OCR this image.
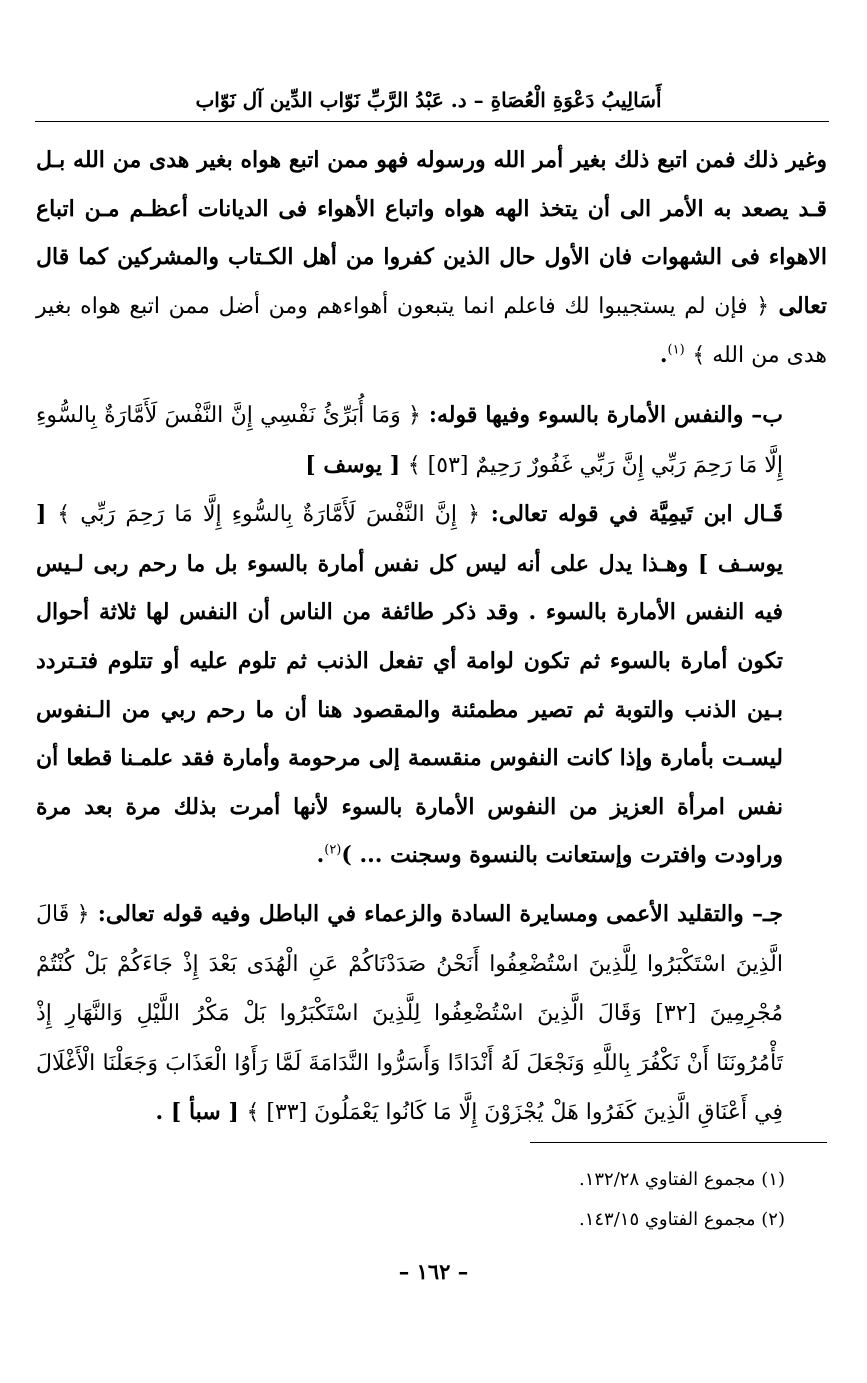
أَسَالِيبُ دَعْوَةِ الْعُصَاةِ – د. عَبْدُ الرَّبِّ نَوّاب الدِّين آل نَوّاب

وغير ذلك فمن اتبع ذلك بغير أمر الله ورسوله فهو ممن اتبع هواه بغير هدى من الله بـل قـد يصعد به الأمر الى أن يتخذ الهه هواه واتباع الأهواء فى الديانات أعظـم مـن اتباع الاهواء فى الشهوات فان الأول حال الذين كفروا من أهل الكـتاب والمشركين كما قال تعالى ﴿ فإن لم يستجيبوا لك فاعلم انما يتبعون أهواءهم ومن أضل ممن اتبع هواه بغير هدى من الله ﴾ $^{(١)}$.

ب– والنفس الأمارة بالسوء وفيها قوله: ﴿ وَمَا أُبَرِّئُ نَفْسِي إِنَّ النَّفْسَ لَأَمَّارَةٌ بِالسُّوءِ إِلَّا مَا رَحِمَ رَبِّي إِنَّ رَبِّي غَفُورٌ رَحِيمٌ [٥٣] ﴾ [ يوسف ]

قَـال ابن تَيمِيَّة في قوله تعالى: ﴿ إِنَّ النَّفْسَ لَأَمَّارَةٌ بِالسُّوءِ إِلَّا مَا رَحِمَ رَبِّي ﴾ [ يوسـف ] وهـذا يدل على أنه ليس كل نفس أمارة بالسوء بل ما رحم ربى لـيس فيه النفس الأمارة بالسوء . وقد ذكر طائفة من الناس أن النفس لها ثلاثة أحوال تكون أمارة بالسوء ثم تكون لوامة أي تفعل الذنب ثم تلوم عليه أو تتلوم فتـتردد بـين الذنب والتوبة ثم تصير مطمئنة والمقصود هنا أن ما رحم ربي من الـنفوس ليسـت بأمارة وإذا كانت النفوس منقسمة إلى مرحومة وأمارة فقد علمـنا قطعا أن نفس امرأة العزيز من النفوس الأمارة بالسوء لأنها أمرت بذلك مرة بعد مرة وراودت وافترت وإستعانت بالنسوة وسجنت ... )$^{(٢)}$.

جـ– والتقليد الأعمى ومسايرة السادة والزعماء في الباطل وفيه قوله تعالى: ﴿ قَالَ الَّذِينَ اسْتَكْبَرُوا لِلَّذِينَ اسْتُضْعِفُوا أَنَحْنُ صَدَدْنَاكُمْ عَنِ الْهُدَى بَعْدَ إِذْ جَاءَكُمْ بَلْ كُنْتُمْ مُجْرِمِينَ [٣٢] وَقَالَ الَّذِينَ اسْتُضْعِفُوا لِلَّذِينَ اسْتَكْبَرُوا بَلْ مَكْرُ اللَّيْلِ وَالنَّهَارِ إِذْ تَأْمُرُونَنَا أَنْ نَكْفُرَ بِاللَّهِ وَنَجْعَلَ لَهُ أَنْدَادًا وَأَسَرُّوا النَّدَامَةَ لَمَّا رَأَوُا الْعَذَابَ وَجَعَلْنَا الْأَغْلَالَ فِي أَعْنَاقِ الَّذِينَ كَفَرُوا هَلْ يُجْزَوْنَ إِلَّا مَا كَانُوا يَعْمَلُونَ [٣٣] ﴾ [ سبأ ] .

(١) مجموع الفتاوي ١٣٢/٢٨.

(٢) مجموع الفتاوي ١٤٣/١٥.

– ١٦٢ –
